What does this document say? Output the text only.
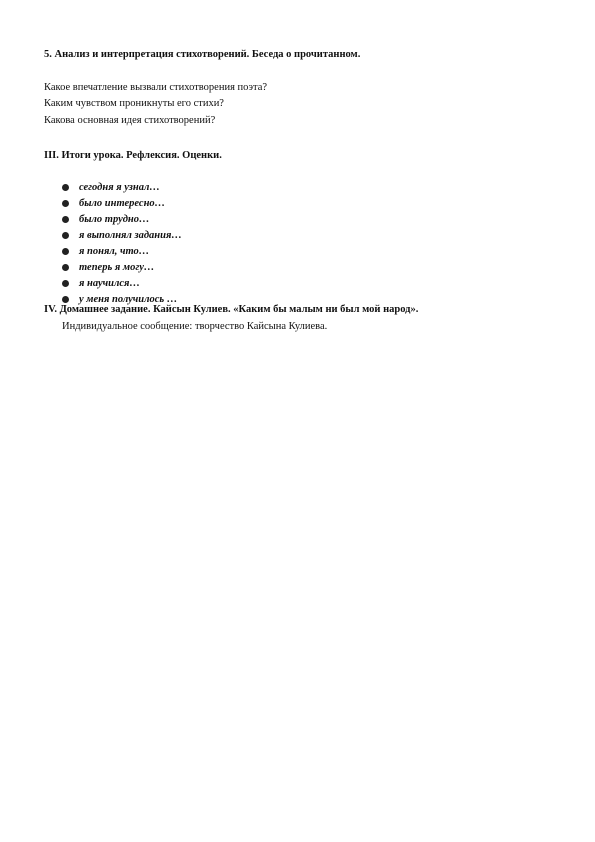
5. Анализ и интерпретация стихотворений. Беседа о прочитанном.
Какое впечатление вызвали стихотворения поэта?
Каким чувством проникнуты его стихи?
Какова основная идея стихотворений?
III. Итоги урока. Рефлексия. Оценки.
сегодня я узнал…
было интересно…
было трудно…
я выполнял задания…
я понял, что…
теперь я могу…
я научился…
у меня получилось …
IV. Домашнее задание. Кайсын Кулиев. «Каким бы малым ни был мой народ».
Индивидуальное сообщение: творчество Кайсына Кулиева.
